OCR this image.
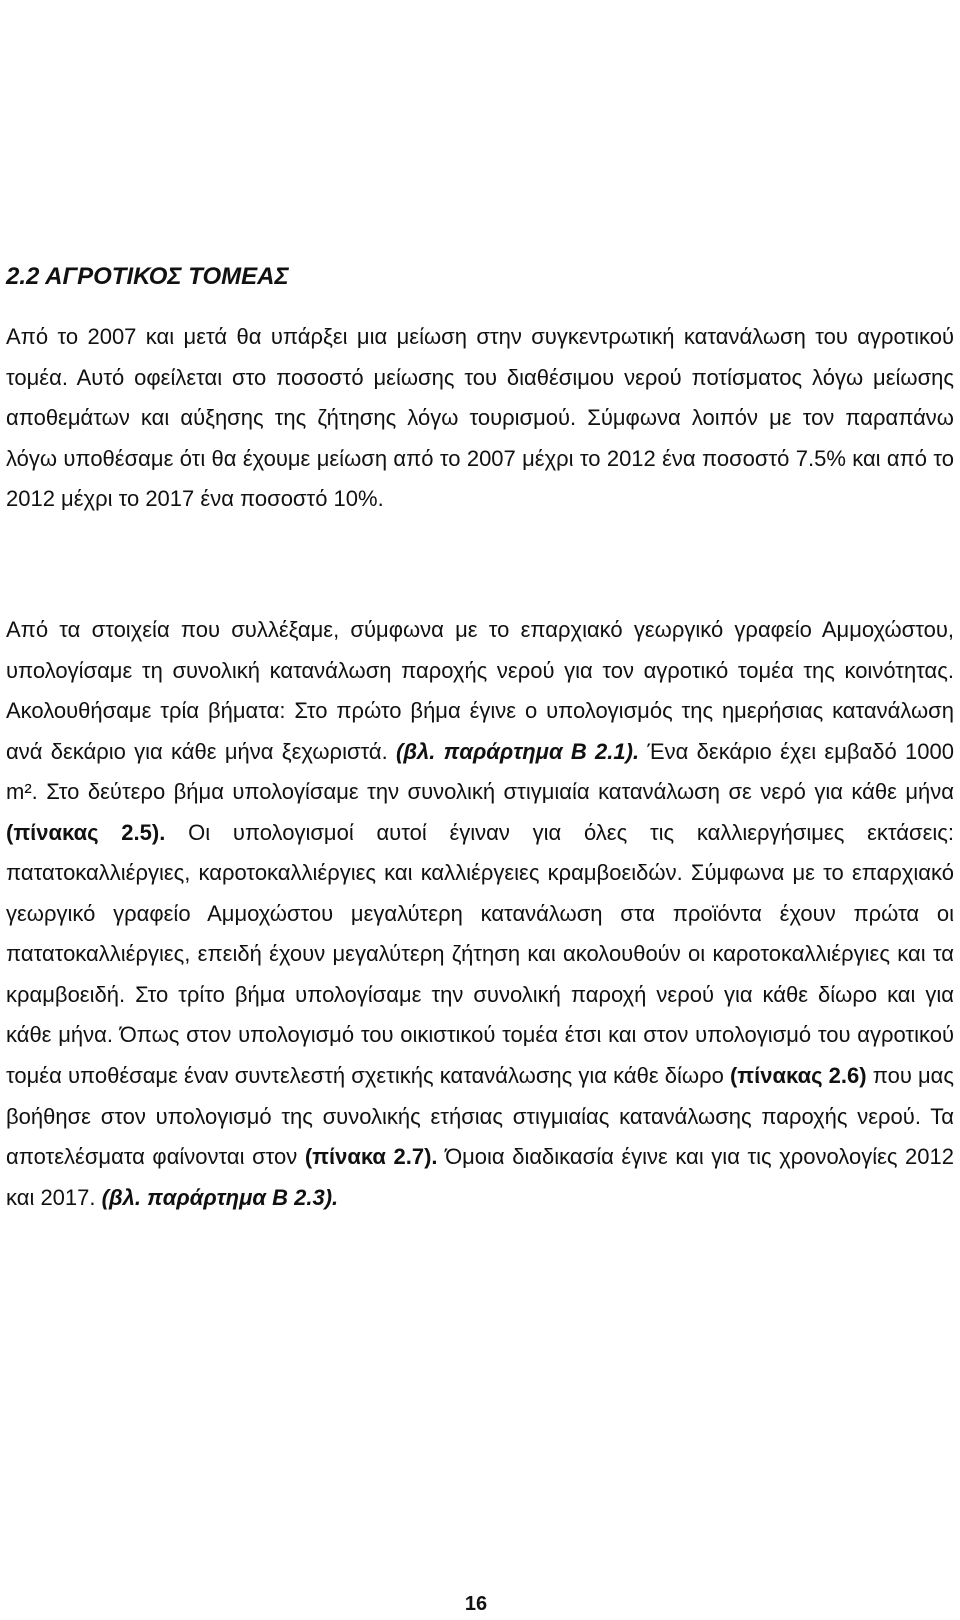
2.2 ΑΓΡΟΤΙΚΟΣ ΤΟΜΕΑΣ

Από το 2007 και μετά θα υπάρξει μια μείωση στην συγκεντρωτική κατανάλωση του αγροτικού τομέα. Αυτό οφείλεται στο ποσοστό μείωσης του διαθέσιμου νερού ποτίσματος λόγω μείωσης αποθεμάτων και αύξησης της ζήτησης λόγω τουρισμού. Σύμφωνα λοιπόν με τον παραπάνω λόγω υποθέσαμε ότι θα έχουμε μείωση από το 2007 μέχρι το 2012 ένα ποσοστό 7.5% και από το 2012 μέχρι το 2017 ένα ποσοστό 10%.

Από τα στοιχεία που συλλέξαμε, σύμφωνα με το επαρχιακό γεωργικό γραφείο Αμμοχώστου, υπολογίσαμε τη συνολική κατανάλωση παροχής νερού για τον αγροτικό τομέα της κοινότητας. Ακολουθήσαμε τρία βήματα: Στο πρώτο βήμα έγινε ο υπολογισμός της ημερήσιας κατανάλωση ανά δεκάριο για κάθε μήνα ξεχωριστά. (βλ. παράρτημα Β 2.1). Ένα δεκάριο έχει εμβαδό 1000 m². Στο δεύτερο βήμα υπολογίσαμε την συνολική στιγμιαία κατανάλωση σε νερό για κάθε μήνα (πίνακας 2.5). Οι υπολογισμοί αυτοί έγιναν για όλες τις καλλιεργήσιμες εκτάσεις: πατατοκαλλιέργιες, καροτοκαλλιέργιες και καλλιέργειες κραμβοειδών. Σύμφωνα με το επαρχιακό γεωργικό γραφείο Αμμοχώστου μεγαλύτερη κατανάλωση στα προϊόντα έχουν πρώτα οι πατατοκαλλιέργιες, επειδή έχουν μεγαλύτερη ζήτηση και ακολουθούν οι καροτοκαλλιέργιες και τα κραμβοειδή. Στο τρίτο βήμα υπολογίσαμε την συνολική παροχή νερού για κάθε δίωρο και για κάθε μήνα. Όπως στον υπολογισμό του οικιστικού τομέα έτσι και στον υπολογισμό του αγροτικού τομέα υποθέσαμε έναν συντελεστή σχετικής κατανάλωσης για κάθε δίωρο (πίνακας 2.6) που μας βοήθησε στον υπολογισμό της συνολικής ετήσιας στιγμιαίας κατανάλωσης παροχής νερού. Τα αποτελέσματα φαίνονται στον (πίνακα 2.7). Όμοια διαδικασία έγινε και για τις χρονολογίες 2012 και 2017. (βλ. παράρτημα Β 2.3).

16
